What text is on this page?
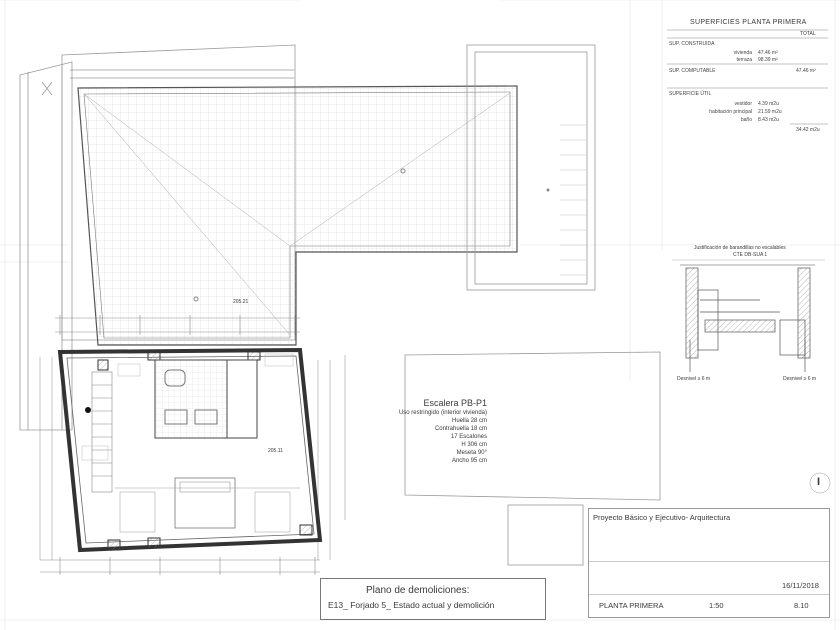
SUPERFICIES PLANTA PRIMERA
TOTAL
SUP. CONSTRUIDA
vivienda 47.46 m²
terraza 98.39 m²
SUP. COMPUTABLE	47.46 m²
SUPERFICIE ÚTIL
vestidor 4.39 m2u
habitación principal 21.59 m2u
baño 8.43 m2u
34.42 m2u
Justificación de barandillas no escalables
CTE DB-SUA 1
Desnivel ≥ 6 m	Desnivel ≥ 6 m
205.21
205.11
Escalera PB-P1
Uso restringido (interior vivienda)
Huella 28 cm
Contrahuella 18 cm
17 Escalones
H 306 cm
Meseta 90°
Ancho 95 cm
I
Plano de demoliciones:
E13_ Forjado 5_ Estado actual y demolición
Proyecto Básico y Ejecutivo- Arquitectura
16/11/2018
PLANTA PRIMERA	1:50	8.10
